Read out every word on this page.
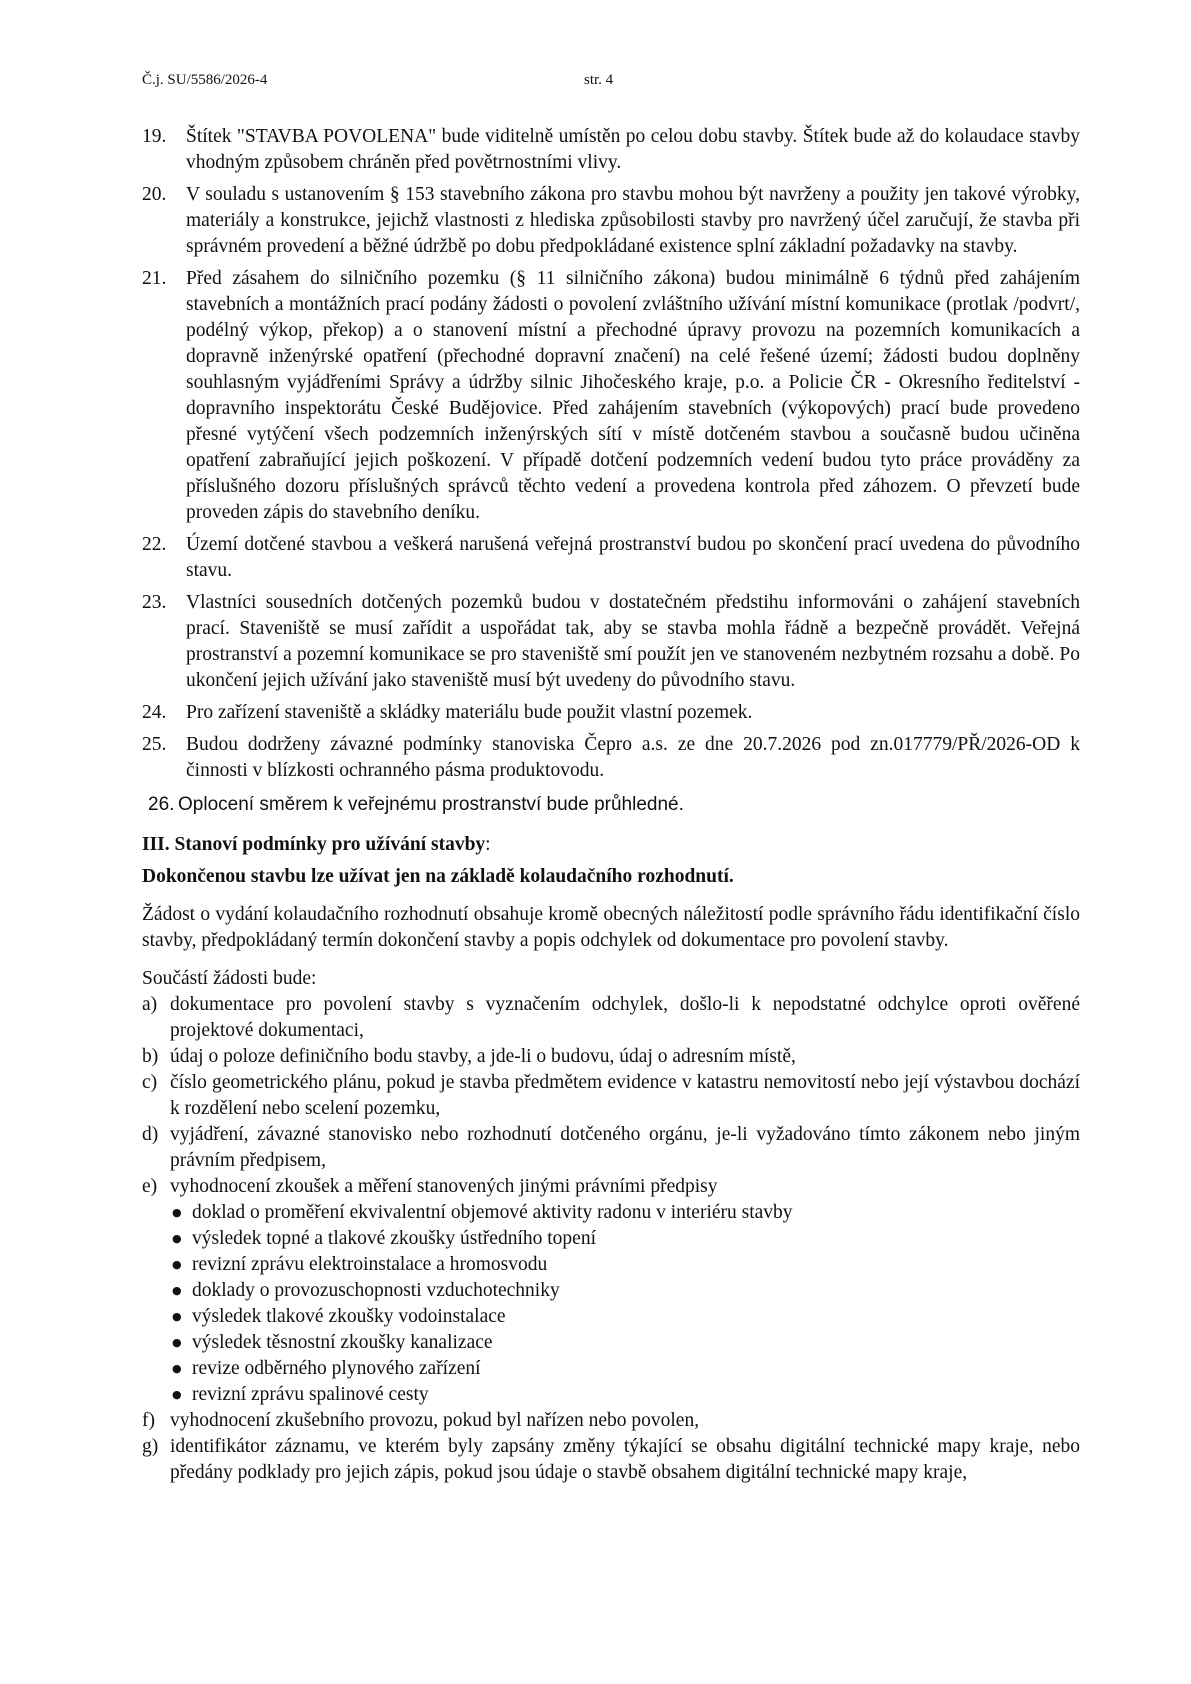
Č.j. SU/5586/2026-4	str. 4
19.	Štítek "STAVBA POVOLENA" bude viditelně umístěn po celou dobu stavby. Štítek bude až do kolaudace stavby vhodným způsobem chráněn před povětrnostními vlivy.
20.	V souladu s ustanovením § 153 stavebního zákona pro stavbu mohou být navrženy a použity jen takové výrobky, materiály a konstrukce, jejichž vlastnosti z hlediska způsobilosti stavby pro navržený účel zaručují, že stavba při správném provedení a běžné údržbě po dobu předpokládané existence splní základní požadavky na stavby.
21.	Před zásahem do silničního pozemku (§ 11 silničního zákona) budou minimálně 6 týdnů před zahájením stavebních a montážních prací podány žádosti o povolení zvláštního užívání místní komunikace (protlak /podvrt/, podélný výkop, překop) a o stanovení místní a přechodné úpravy provozu na pozemních komunikacích a dopravně inženýrské opatření (přechodné dopravní značení) na celé řešené území; žádosti budou doplněny souhlasným vyjádřeními Správy a údržby silnic Jihočeského kraje, p.o. a Policie ČR - Okresního ředitelství - dopravního inspektorátu České Budějovice. Před zahájením stavebních (výkopových) prací bude provedeno přesné vytýčení všech podzemních inženýrských sítí v místě dotčeném stavbou a současně budou učiněna opatření zabraňující jejich poškození. V případě dotčení podzemních vedení budou tyto práce prováděny za příslušného dozoru příslušných správců těchto vedení a provedena kontrola před záhozem. O převzetí bude proveden zápis do stavebního deníku.
22.	Území dotčené stavbou a veškerá narušená veřejná prostranství budou po skončení prací uvedena do původního stavu.
23.	Vlastníci sousedních dotčených pozemků budou v dostatečném předstihu informováni o zahájení stavebních prací. Staveniště se musí zařídit a uspořádat tak, aby se stavba mohla řádně a bezpečně provádět. Veřejná prostranství a pozemní komunikace se pro staveniště smí použít jen ve stanoveném nezbytném rozsahu a době. Po ukončení jejich užívání jako staveniště musí být uvedeny do původního stavu.
24.	Pro zařízení staveniště a skládky materiálu bude použit vlastní pozemek.
25.	Budou dodrženy závazné podmínky stanoviska Čepro a.s. ze dne 20.7.2026 pod zn.017779/PŘ/2026-OD k činnosti v blízkosti ochranného pásma produktovodu.
26. Oplocení směrem k veřejnému prostranství bude průhledné.
III. Stanoví podmínky pro užívání stavby:
Dokončenou stavbu lze užívat jen na základě kolaudačního rozhodnutí.
Žádost o vydání kolaudačního rozhodnutí obsahuje kromě obecných náležitostí podle správního řádu identifikační číslo stavby, předpokládaný termín dokončení stavby a popis odchylek od dokumentace pro povolení stavby.
Součástí žádosti bude:
a) dokumentace pro povolení stavby s vyznačením odchylek, došlo-li k nepodstatné odchylce oproti ověřené projektové dokumentaci,
b) údaj o poloze definičního bodu stavby, a jde-li o budovu, údaj o adresním místě,
c) číslo geometrického plánu, pokud je stavba předmětem evidence v katastru nemovitostí nebo její výstavbou dochází k rozdělení nebo scelení pozemku,
d) vyjádření, závazné stanovisko nebo rozhodnutí dotčeného orgánu, je-li vyžadováno tímto zákonem nebo jiným právním předpisem,
e) vyhodnocení zkoušek a měření stanovených jinými právními předpisy
● doklad o proměření ekvivalentní objemové aktivity radonu v interiéru stavby
● výsledek topné a tlakové zkoušky ústředního topení
● revizní zprávu elektroinstalace a hromosvodu
● doklady o provozuschopnosti vzduchotechniky
● výsledek tlakové zkoušky vodoinstalace
● výsledek těsnostní zkoušky kanalizace
● revize odběrného plynového zařízení
● revizní zprávu spalinové cesty
f) vyhodnocení zkušebního provozu, pokud byl nařízen nebo povolen,
g) identifikátor záznamu, ve kterém byly zapsány změny týkající se obsahu digitální technické mapy kraje, nebo předány podklady pro jejich zápis, pokud jsou údaje o stavbě obsahem digitální technické mapy kraje,
